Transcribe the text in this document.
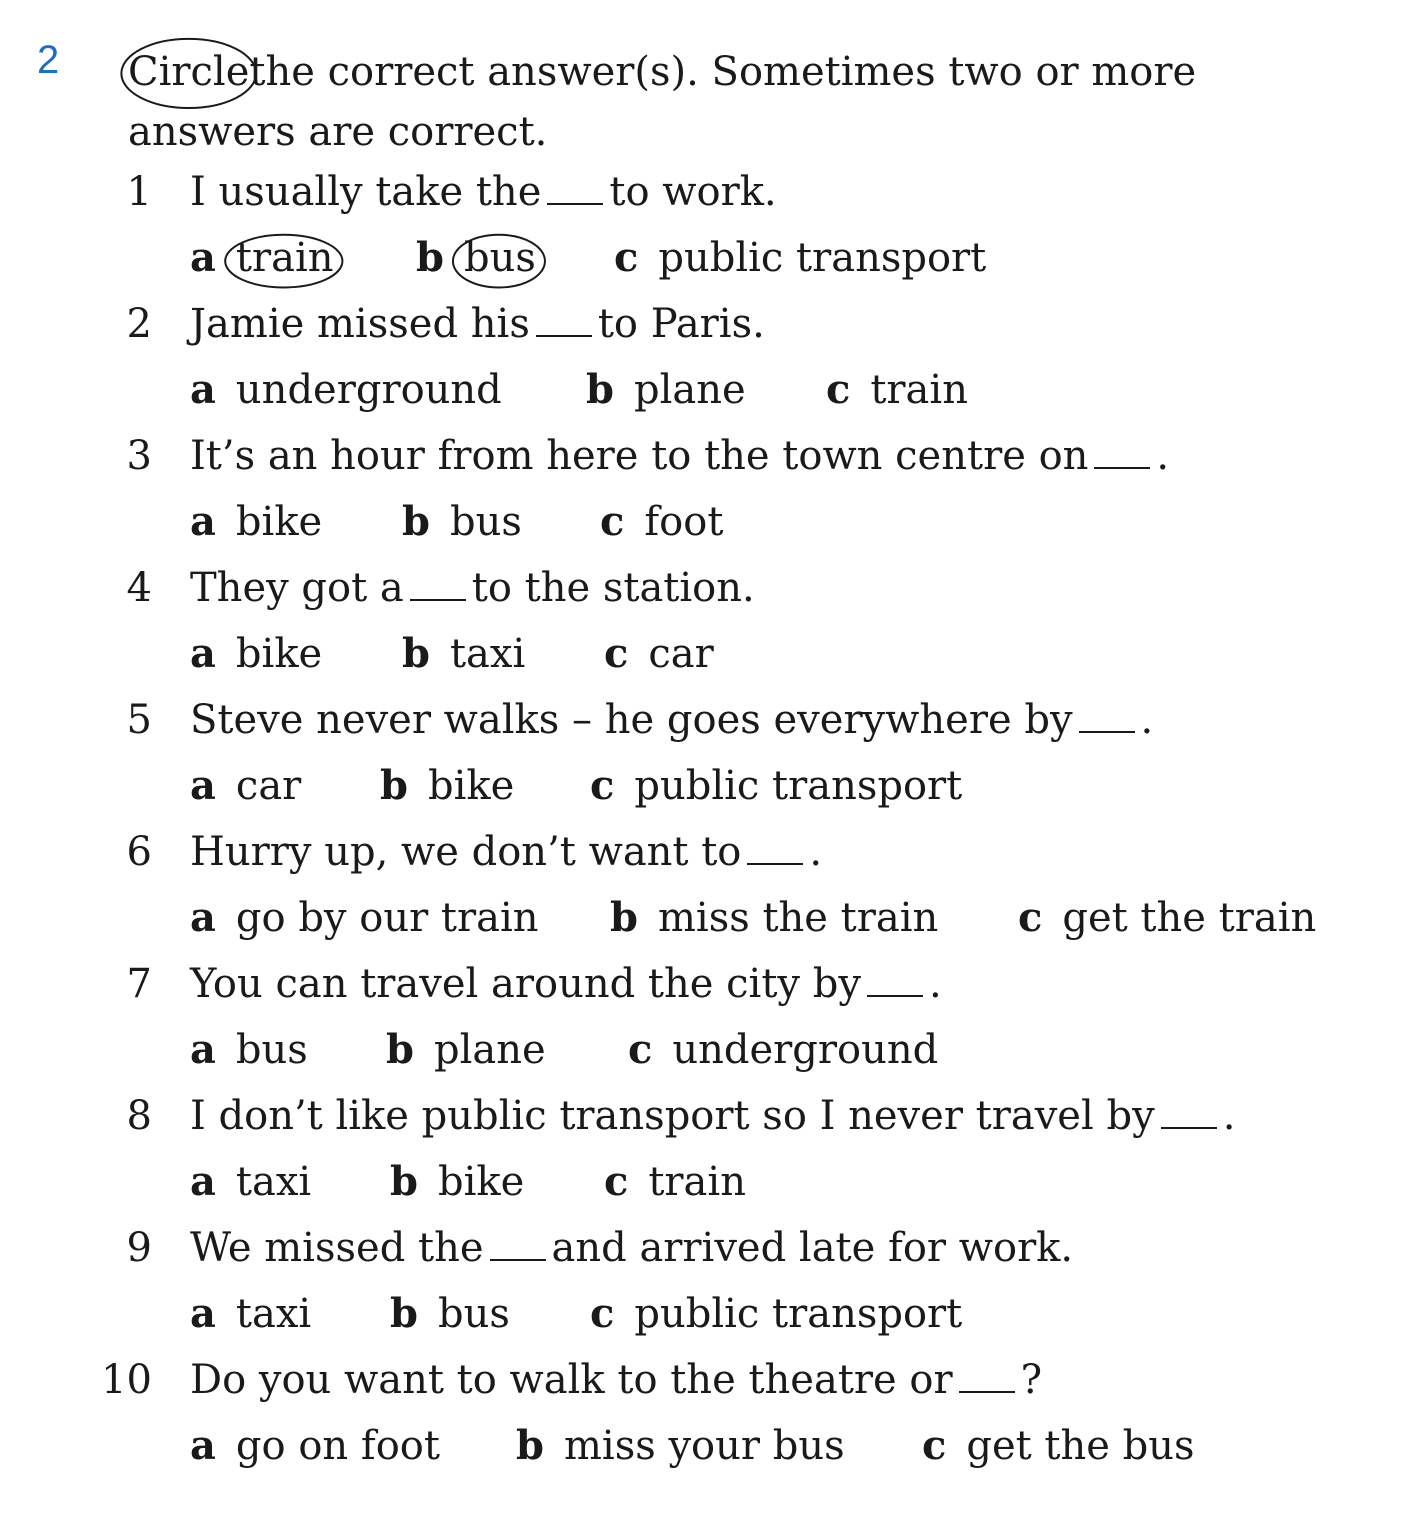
2 Circle
the correct answer(s). Sometimes two or more
answers are correct.
1 I usually take the to work.
a train b bus c public transport
2 Jamie missed his to Paris.
a underground b plane c train
3 It’s an hour from here to the town centre on .
a bike b bus c foot
4 They got a to the station.
a bike b taxi c car
5 Steve never walks – he goes everywhere by .
a car b bike c public transport
6 Hurry up, we don’t want to .
a go by our train b miss the train c get the train
7 You can travel around the city by .
a bus b plane c underground
8 I don’t like public transport so I never travel by .
a taxi b bike c train
9 We missed the and arrived late for work.
a taxi b bus c public transport
10 Do you want to walk to the theatre or ?
a go on foot b miss your bus c get the bus
